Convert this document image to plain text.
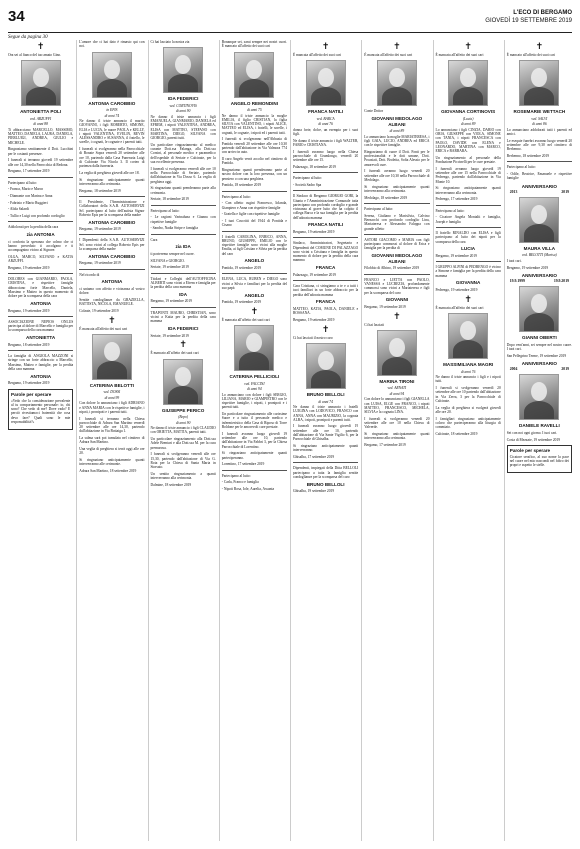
34	L'ECO DI BERGAMO
GIOVEDÌ 19 SETTEMBRE 2019
Segue da pagina 30
✝

Ora sei al fianco del tuo amato Gino.

ANTONIETTA POLI
ved. ARZUFFI
di anni 88

Ti abbracciano MARCELLO, MASSIMO, MATTEO, DANIELA, LAURA, DANIELA, PIERLUIGI, ANDREA, GIULIO e MICHELE.

Ringraziamo sentitamente il Dott. Lucchini per le costanti presenze.

I funerali si terranno giovedì 19 settembre alle ore 14,30 nella Parrocchia di Redona.

Bergamo, 17 settembre 2019

Partecipano al lutto:

- Franca, Mario e Marco

- Diamante con Marina e Anna

- Fabrizio e Mario Ruggieri

- Alida Salardi

- Tullio e Luigi con profondo cordoglio

Addolorati per la perdita della cara

zia ANTONIA

ci conforta la speranza che colmo che ci hanno preceduto ti accolgano e ti accompagnino vicino al Signore.

OLGA, MARCO, SILVANO e KATIA ARZUFFI.

Bergamo, 19 settembre 2019

DOLORES con GIANMARIO, PAOLA, CRISTINA, e rispettive famiglie abbracciano forte Marcello, Daniela, Massimo e Matteo in questo momento di dolore per la scomparsa della cara

ANTONIA

Bergamo, 19 settembre 2019

ASSOCIAZIONE NEPIOS ONLUS partecipa al dolore di Marcello e famiglia per la scomparsa della cara mamma

ANTONIETTA

Bergamo, 18 settembre 2019

La famiglia di ANGIOLA MAZZONI si stringe con un forte abbraccio a Marcello, Massimo, Matteo e famiglie, per la perdita della cara mamma

ANTONIA

Bergamo, 19 settembre 2019

Parole per sperare

«Vedo che la considerazione prevalente al tu comportamento personale: io, chi sono? Che vedo di me? Dove vado? E perciò rivestiamoci fraternità che cosa devo fare? Quali sono le mie responsabilità?»

L'amore che ci hai dato è rimasto qui con noi.

ANTONIA CAROBBIO
in EPIS
di anni 74

Ne danno il triste annuncio il marito GIOVANNI, i figli ROBERTO, SIMONE, ELIA e LUCIA, le nuore PAOLA e KELLY, i nipoti VALENTINA, EVELIN, REVIN ALESSANDRO e SUSANNA, il fratello, le sorelle, i cognati, le cognate e i parenti tutti.

I funerali si svolgeranno nella Parrocchiale di Bonate Sopra venerdì 20 settembre alle ore 10, partendo dalla Casa Funeraria Luigi di Calcinate Via Nicola 3. Il corteo di partenza dalla funeraria.

La veglia di preghiera giovedì alle ore 18.

Si ringraziano anticipatamente quanti interverranno alla cerimonia.

Bergamo, 18 settembre 2019

Il Presidente, l'Amministrazione e Collaboratori della S.A.B. AUTOSERVIZI Srl. partecipano al lutto dell'autista Signor Roberto Epis per la scomparsa della madre

ANTONIA CAROBBIO

Bergamo, 19 settembre 2019

I Dipendenti della S.A.B. AUTOSERVIZI Srl. sono vicini al collega Roberto Epis per la scomparsa della madre

ANTONIA CAROBBIO

Bergamo, 19 settembre 2019

Nel ricordo di

ANTONIA

ci uniamo con affetto e vicinanza al vostro dolore.

Sentite condoglianze da GRAZIELLA, BATTISTA, NICOLA, EMANUELE.

Colzate, 19 settembre 2019

✝

È mancata all'affetto dei suoi cari

CATERINA BELOTTI
ved. DOSSI
di anni 99

Con dolore lo annunciano i figli ADRIANO e ANNA MARIA con le rispettive famiglie, i nipoti, i pronipoti e i parenti tutti.

I funerali si terranno nella Chiesa parrocchiale di Adrara San Martino venerdì 20 settembre alle ore 14,30, partendo dall'abitazione in Via Bottaiga 1.

La salma sarà poi tumulata nel cimitero di Adrara San Martino.

Una veglia di preghiera si terrà oggi alle ore 20.

Si ringraziano anticipatamente quanti interverranno alle cerimonie.

Adrara San Martino, 18 settembre 2019

Ci hai lasciato la nostra zia

IDA FEDERICI
ved. CORTINOVIS
di anni 90

Ne danno il triste annuncio i figli EMANUELA, GIANMARIO, DANIELA ed EFREM, i nipoti VALENTINA, ANDREA, ELISA con MATTEO, STEFANO con MARTINA, DIEGO, SILVANA con GIORGIO, parenti tutti.

Un particolare ringraziamento al medico curante Dott.ssa Falanga, alla Dott.ssa Corsini, al personale medico e paramedico dell'ospedale di Seriate e Calcinate, per la sua eccellente presenza.

I funerali si svolgeranno venerdì alle ore 10 nella Parrocchiale di Seriate, partendo dall'abitazione in Via Dosso 6. La veglia di preghiera oggi.

Si ringraziano quanti prenderanno parte alla cerimonia.

Seriate, 18 settembre 2019

Partecipano al lutto:

- Le ragioni Varinaluna e Gianna con rispettive famiglie

- Sandro, Nadia Stripe e famiglia

Cara

zia IDA

ti porteremo sempre nel cuore.

SILVANA e GIORGIO.

Seriate, 19 settembre 2019

Titolari e Colleghi dell'AUTOFFICINA ALBERTI sono vicini a Efrem e famiglia per la perdita della cara mamma

IDA

Bergamo, 19 settembre 2019

TRAPONTI MAURO, CHRISTIAN, sono vicini a Katia per la perdita della cara mamma

IDA FEDERICI

Seriate, 19 settembre 2019

✝

È mancato all'affetto dei suoi cari

GIUSEPPE PERICO
(Bepo)
di anni 90

Ne danno il triste annuncio i figli CLAUDIO con ORIETTA, MATTIA, parenti tutti.

Un particolare ringraziamento alla Dott.ssa Adele Brentari e alla Dott.ssa M. per la cura premurosa.

I funerali si svolgeranno venerdì alle ore 15,30, partendo dall'abitazione di Via G. Rota per la Chiesa di Santa Maria in Storsato.

Un sentito ringraziamento a quanti interverranno alla cerimonia.

Dalmine, 18 settembre 2019

Bonanque sei, sarai sempre nei nostri cuori. È mancato all'affetto dei suoi cari

ANGELO REMONDINI
di anni 75

Ne danno il triste annuncio la moglie EMILIA, il figlio CRISTIAN, la figlia SILVIA con VALENTINO, i nipoti ALICE, MATTEO ed ELISA, i fratelli, le sorelle, i cognati, le cognate, i nipoti ed i parenti tutti.

I funerali si svolgeranno nell'Abbazia di Pontida venerdì 20 settembre alle ore 10,30 partendo dall'abitazione in Via Valmora 774 con arrivo in auto.

Il caro Angelo verrà accolto nel cimitero di Pontida.

Ringraziamo quanti prenderanno parte al nostro dolore con la loro presenza, con un pensiero o con una preghiera.

Pontida, 18 settembre 2019

Partecipano al lutto:

- Con affetto cugini Francesco, Iolanda, Gianpiero e Anna con rispettive famiglie

- Gratella e figlie con rispettive famiglie

- I tuoi Coscritti del 1944 di Pontida e Cisano

I fratelli CAROLINA, ENRICO, ANNA, BRUNO, GIUSEPPE, EMILIO con le rispettive famiglie sono vicini alla moglie Emilia, ai figli Cristian e Silvia per la perdita del caro

ANGELO

Pontida, 19 settembre 2019

ELENA, LUCA, RUBEN e DIEGO sono vicini a Silvia e familiari per la perdita del suo papà

ANGELO

Pontida, 19 settembre 2019

✝

È mancata all'affetto dei suoi cari

CATERINA PELLICIOLI
ved. FACCINI
di anni 94

Lo annunciano con dolore i figli SERGIO, LILIANA, MARIO e GIAMPIETRO con le rispettive famiglie, i nipoti, i pronipoti e i parenti tutti.

Un particolare ringraziamento alle carissime Suore e a tutto il personale medico e infermieristico della Casa di Riposo di Torre Boldone per le amorevoli cure prestate.

I funerali avranno luogo giovedì 19 settembre alle ore 10, partendo dall'abitazione in Via Fabbri 3, per la Chiesa Parrocchiale di Lorentino.

Si ringraziano anticipatamente quanti parteciperanno.

Lorentino, 17 settembre 2019

Partecipano al lutto:

- Carla, Franco e famiglia

- Nipoti Rosa, Iole, Aurelia, Assunta

✝

È mancata all'affetto dei suoi cari

FRANCA NATILI
ved. BARCA
di anni 76

donna forte, dolce, un esempio per i suoi figli.

Ne danno il triste annuncio i figli WALTER, FABIO e CRISTIANA.

I funerali avranno luogo nella Chiesa parrocchiale di Grumlongo, venerdì 20 settembre alle ore 15.

Palazzago, 18 settembre 2019

Partecipano al lutto:

- Società Sadro Spa

Il Sindaco di Bergamo GIORGIO GORI, la Giunta e l'Amministrazione Comunale tutta partecipano con profondo cordoglio e grande vicinanza al grave lutto che ha colpito il collega Barca e la sua famiglia per la perdita dell'adorata mamma

FRANCA NATILI

Bergamo, 19 settembre 2019

Sindaco, Amministratori, Segretario e Dipendenti del COMUNE DI PALAZZAGO sono vicini a Cristiana e famiglia in questo momento di dolore per la perdita della cara mamma

FRANCA

Palazzago, 19 settembre 2019

Cara Cristiana, ci stringiamo a te e a tutti i tuoi familiari in un forte abbraccio per la perdita dell'adorata mamma

FRANCA

MATTEO, KATIA, PAOLA, DANIELE e ROSSANA.

Bergamo, 19 settembre 2019

✝

Ci hai lasciati il nostro caro

BRUNO BELLOLI
di anni 74

Ne danno il triste annuncio i fratelli LUIGINA con LODOVICO, FRANCO con ANNA, ANNA con MAURIZIO, la cognata ALBA, i nipoti, pronipoti e parenti tutti.

I funerali avranno luogo giovedì 19 settembre alle ore 10, partendo dall'abitazione di Via Sante Vigilio 6, per la Parrocchiale di Ghisalba.

Si ringraziano anticipatamente quanti interverranno.

Ghisalba, 17 settembre 2019

Dipendenti, impiegati della Ditta BELLOLI partecipano a tutta la famiglia sentite condoglianze per la scomparsa del caro

BRUNO BELLOLI

Ghisalba, 19 settembre 2019

✝

È mancata all'affetto dei suoi cari

Conte Dottor

GIOVANNI MEDOLAGO ALBANI
di anni 89

Lo annunciano la moglie MARIATERESA, i figli GAIA, LUCIO, ANDREA ed ERICA con le rispettive famiglie.

Ringraziamo di cuore il Dott. Fonti per le professionalità e le doti umane, Dott. Proasiati, Dott. Broletta, Sofia Alessio per le amorevoli cure.

I funerali avranno luogo venerdì 20 settembre alle ore 10,30 nella Parrocchiale di Medolago.

Si ringraziano anticipatamente quanti interverranno alla cerimonia.

Medolago, 18 settembre 2019

Partecipano al lutto:

Serena, Giuliano e Marisilvia, Calvino Bernacchi con profondo cordoglio Lina, Mariateresa e Alessandro Faloppa con grande affetto

ASTORI GIACOMO e MARIA con figli partecipano commossi al dolore di Erica e famiglia per la perdita di

GIOVANNI MEDOLAGO ALBANI

Filobbio di Albino, 19 settembre 2019

FRANCO e LIETTA con PAOLO, VANESSA e LUCREZIA, profondamente commossi sono vicini a Mariateresa e figli per la scomparsa del caro

GIOVANNI

Bergamo, 19 settembre 2019

✝

Ci hai lasciati

MARINA TIRONI
ved. ARNATI
di anni 94

Con dolore lo annunciano i figli GIANELLA con LUISA, ELGE con FRANCO, i nipoti MATTEO, FRANCESCO, MICHELA, SILVIA e la cognata LINA.

I funerali si svolgeranno venerdì 20 settembre alle ore 10 nella Chiesa di Valverde.

Si ringraziano anticipatamente quanti interverranno alla cerimonia.

Bergamo, 17 settembre 2019

✝

È mancata all'affetto dei suoi cari

GIOVANNA CORTINOVIS
(Lucia)
di anni 89

Lo annunciano i figli CINZIA, DARIO con ORIA, GIUSEPPE con VIOLA, SIMONE con TANIA, i nipoti FRANCESCA con PAOLO, DAVIDE con ELENA e LEONARDO, MARTINA con MARCO, ERICA e BARBARA.

Un ringraziamento al personale della Fondazione Piccinelli per le cure prestate.

I funerali avranno luogo giovedì 19 settembre alle ore 15 nella Parrocchiale di Pedrengo, partendo dall'abitazione in Via Monte 10.

Si ringraziano anticipatamente quanti interverranno alla cerimonia.

Pedrengo, 17 settembre 2019

Partecipano al lutto:

- Cicatore Angela Montalti e famiglia, Joseph e famiglia

Il fratello RINALDO con ELISA e figli partecipano al lutto dei nipoti per la scomparsa della cara

LUCIA

Bergamo, 19 settembre 2019

I GRUPPO ALPINI di PEDRENGO è vicino a Simone e famiglia per la perdita della cara mamma

GIOVANNA

Pedrengo, 19 settembre 2019

✝

È mancata all'affetto dei suoi cari

MASSIMILIANA MAGRI
di anni 76

Ne danno il triste annuncio i figli e i nipoti tutti.

I funerali si svolgeranno venerdì 20 settembre alle ore 10 partendo dall'abitazione in Via Zerra, 3 per la Parrocchiale di Calcinate.

La veglia di preghiera si svolgerà giovedì alle ore 20.

I famigliari ringraziano anticipatamente coloro che parteciperanno alla liturgia di commiato.

Calcinate, 18 settembre 2019

✝

È mancato all'affetto dei suoi cari

ROSEMARIE WETTACH
ved. SALVI
di anni 86

Lo annunciano addolorati tutti i parenti ed amici.

Le esequie funebri avranno luogo venerdì 20 settembre alle ore 9,30 nel cimitero di Berbenno.

Berbenno, 18 settembre 2019

Partecipano al lutto:

- Odile, Beatrice, Emanuele e rispettive famiglie

ANNIVERSARIO
2013	2019
MAURA VILLA
ved. BELOTTI (Marisa)

I tuoi cari.

Bergamo, 19 settembre 2019

ANNIVERSARIO
19.9.1999	19.9.2019
GIANNI OBERTI

Dopo vent'anni, sei sempre nel nostro cuore. I tuoi cari.

San Pellegrino Terme, 19 settembre 2019

ANNIVERSARIO
2004	2019
DANIELE RAVELLI

Sei con noi ogni giorno. I tuoi cari.

Costa di Mezzate, 19 settembre 2019

Parole per sperare

Cicatore serafico, al suo nome la pace nel cuore nel mio nascondi nel foltro dei propri e aspetto le stelle.
